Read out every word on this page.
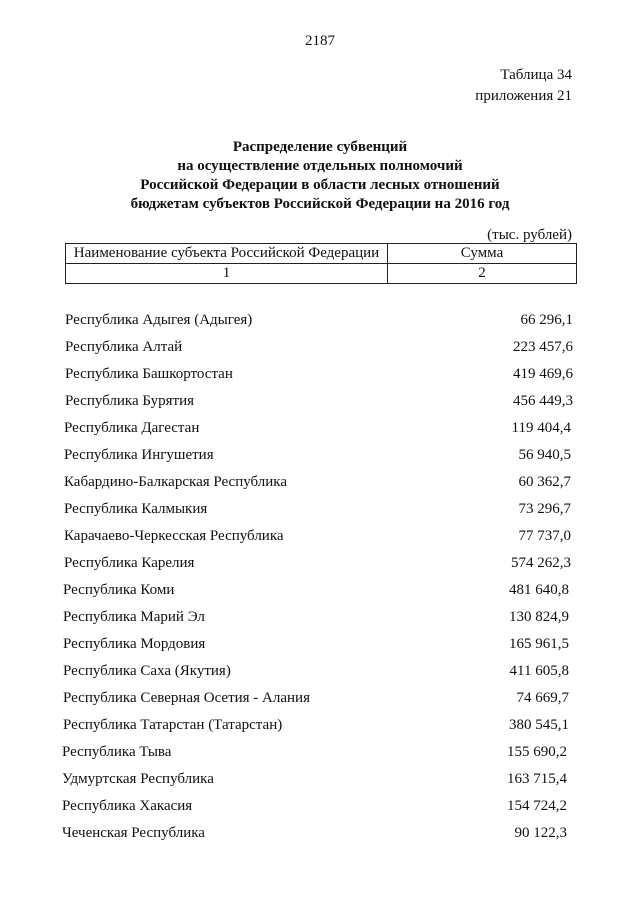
2187
Таблица 34
приложения 21
Распределение субвенций
на осуществление отдельных полномочий
Российской Федерации в области лесных отношений
бюджетам субъектов Российской Федерации на 2016 год
(тыс. рублей)
Наименование субъекта Российской Федерации	Сумма
1	2
Республика Адыгея (Адыгея)	66 296,1
Республика Алтай	223 457,6
Республика Башкортостан	419 469,6
Республика Бурятия	456 449,3
Республика Дагестан	119 404,4
Республика Ингушетия	56 940,5
Кабардино-Балкарская Республика	60 362,7
Республика Калмыкия	73 296,7
Карачаево-Черкесская Республика	77 737,0
Республика Карелия	574 262,3
Республика Коми	481 640,8
Республика Марий Эл	130 824,9
Республика Мордовия	165 961,5
Республика Саха (Якутия)	411 605,8
Республика Северная Осетия - Алания	74 669,7
Республика Татарстан (Татарстан)	380 545,1
Республика Тыва	155 690,2
Удмуртская Республика	163 715,4
Республика Хакасия	154 724,2
Чеченская Республика	90 122,3
